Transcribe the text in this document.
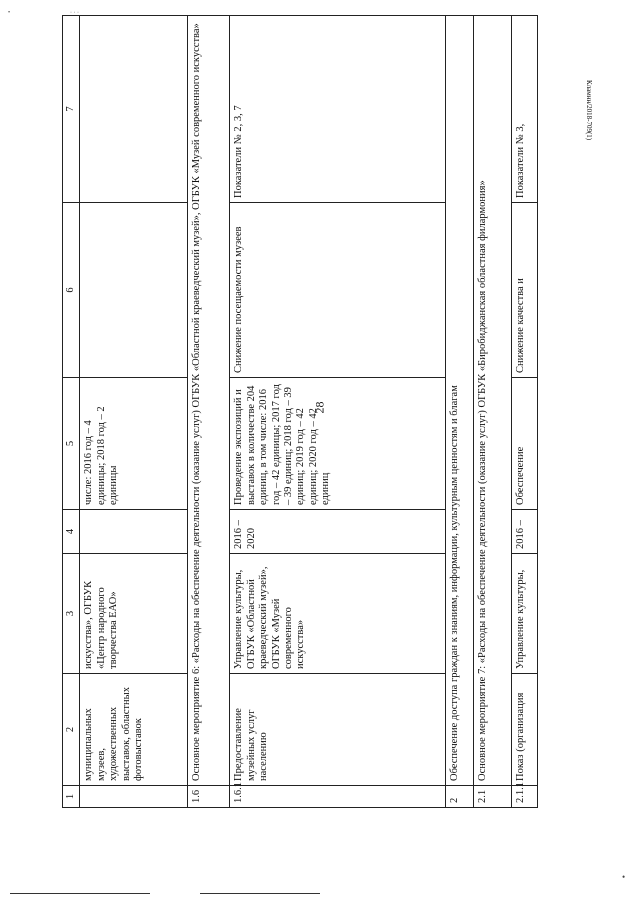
28
Кламнн/2018-709(1)
•	· · ·
•
1	2	3	4	5	6	7
	муниципальных музеев, художественных выставок, областных фотовыставок	искусства», ОГБУК «Центр народного творчества ЕАО»		числе: 2016 год – 4 единицы; 2018 год – 2 единицы		
1.6	Основное мероприятие 6: «Расходы на обеспечение деятельности (оказание услуг) ОГБУК «Областной краеведческий музей», ОГБУК «Музей современного искусства»					
1.6.1	Предоставление музейных услуг населению	Управление культуры, ОГБУК «Областной краеведческий музей», ОГБУК «Музей современного искусства»	2016 – 2020	Проведение экспозиций и выставок в количестве 204 единиц, в том числе: 2016 год – 42 единицы; 2017 год – 39 единиц; 2018 год – 39 единиц; 2019 год – 42 единиц; 2020 год – 42 единиц	Снижение посещаемости музеев	Показатели № 2, 3, 7
2	Обеспечение доступа граждан к знаниям, информации, культурным ценностям и благам					
2.1	Основное мероприятие 7: «Расходы на обеспечение деятельности (оказание услуг) ОГБУК «Биробиджанская областная филармония»					
2.1.1	Показ (организация	Управление культуры,	2016 –	Обеспечение	Снижение качества и	Показатели № 3,
